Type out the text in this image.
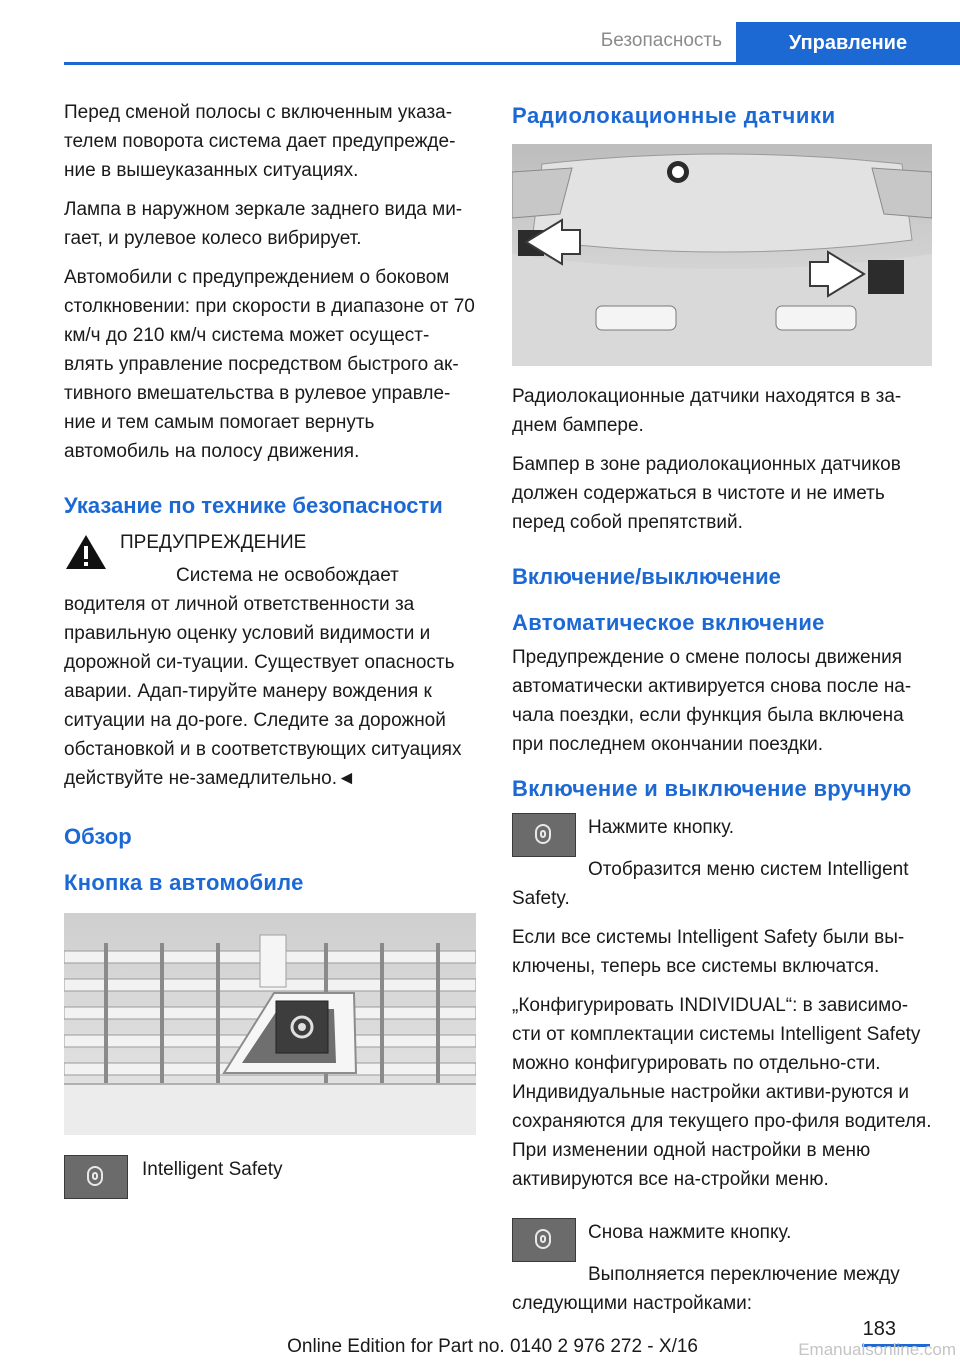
Безопасность	Управление

Перед сменой полосы с включенным указа-телем поворота система дает предупрежде-ние в вышеуказанных ситуациях.

Лампа в наружном зеркале заднего вида ми-гает, и рулевое колесо вибрирует.

Автомобили с предупреждением о боковом столкновении: при скорости в диапазоне от 70 км/ч до 210 км/ч система может осущест-влять управление посредством быстрого ак-тивного вмешательства в рулевое управле-ние и тем самым помогает вернуть автомобиль на полосу движения.

Указание по технике безопасности
ПРЕДУПРЕЖДЕНИЕ

Система не освобождает водителя от личной ответственности за правильную оценку условий видимости и дорожной си-туации. Существует опасность аварии. Адап-тируйте манеру вождения к ситуации на до-роге. Следите за дорожной обстановкой и в соответствующих ситуациях действуйте не-замедлительно.◄

Обзор
Кнопка в автомобиле

Intelligent Safety

Радиолокационные датчики

Радиолокационные датчики находятся в за-днем бампере.

Бампер в зоне радиолокационных датчиков должен содержаться в чистоте и не иметь перед собой препятствий.

Включение/выключение
Автоматическое включение

Предупреждение о смене полосы движения автоматически активируется снова после на-чала поездки, если функция была включена при последнем окончании поездки.

Включение и выключение вручную

Нажмите кнопку.

Отобразится меню систем Intelligent Safety.

Если все системы Intelligent Safety были вы-ключены, теперь все системы включатся.

„Конфигурировать INDIVIDUAL“: в зависимо-сти от комплектации системы Intelligent Safety можно конфигурировать по отдельно-сти. Индивидуальные настройки активи-руются и сохраняются для текущего про-филя водителя. При изменении одной настройки в меню активируются все на-стройки меню.

Снова нажмите кнопку.

Выполняется переключение между следующими настройками:

183
Online Edition for Part no. 0140 2 976 272 - X/16	Emanualsonline.com
